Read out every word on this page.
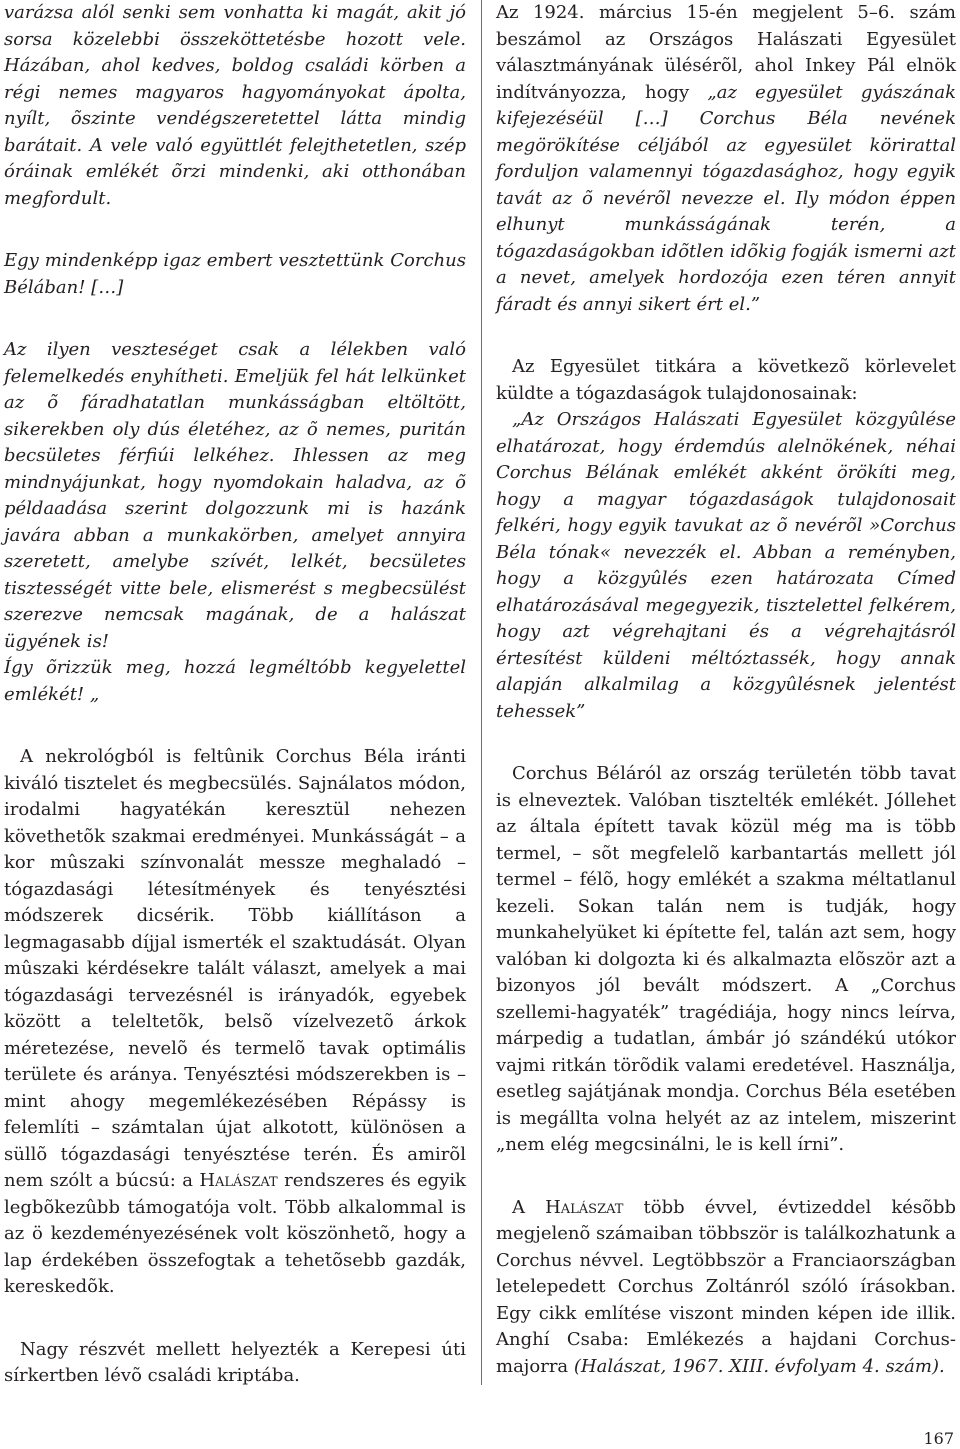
varázsa alól senki sem vonhatta ki magát, akit jó sorsa közelebbi összeköttetésbe hozott vele. Házában, ahol kedves, boldog családi körben a régi nemes magyaros hagyományokat ápolta, nyílt, õszinte vendégszeretettel látta mindig barátait. A vele való együttlét felejthetetlen, szép óráinak emlékét õrzi mindenki, aki otthonában megfordult.

Egy mindenképp igaz embert vesztettünk Corchus Bélában! […]

Az ilyen veszteséget csak a lélekben való felemelkedés enyhítheti. Emeljük fel hát lelkünket az õ fáradhatatlan munkásságban eltöltött, sikerekben oly dús életéhez, az õ nemes, puritán becsületes férfiúi lelkéhez. Ihlessen az meg mindnyájunkat, hogy nyomdokain haladva, az õ példaadása szerint dolgozzunk mi is hazánk javára abban a munkakörben, amelyet annyira szeretett, amelybe szívét, lelkét, becsületes tisztességét vitte bele, elismerést s megbecsülést szerezve nemcsak magának, de a halászat ügyének is!

Így õrizzük meg, hozzá legméltóbb kegyelettel emlékét! „

A nekrológból is feltûnik Corchus Béla iránti kiváló tisztelet és megbecsülés. Sajnálatos módon, irodalmi hagyatékán keresztül nehezen követhetõk szakmai eredményei. Munkásságát – a kor mûszaki színvonalát messze meghaladó – tógazdasági létesítmények és tenyésztési módszerek dicsérik. Több kiállításon a legmagasabb díjjal ismerték el szaktudását. Olyan mûszaki kérdésekre talált választ, amelyek a mai tógazdasági tervezésnél is irányadók, egyebek között a teleltetõk, belsõ vízelvezetõ árkok méretezése, nevelõ és termelõ tavak optimális területe és aránya. Tenyésztési módszerekben is – mint ahogy megemlékezésében Répássy is felemlíti – számtalan újat alkotott, különösen a süllõ tógazdasági tenyésztése terén. És amirõl nem szólt a búcsú: a Halászat rendszeres és egyik legbõkezûbb támogatója volt. Több alkalommal is az ö kezdeményezésének volt köszönhetõ, hogy a lap érdekében összefogtak a tehetõsebb gazdák, kereskedõk.

Nagy részvét mellett helyezték a Kerepesi úti sírkertben lévõ családi kriptába.

Az 1924. március 15-én megjelent 5–6. szám beszámol az Országos Halászati Egyesület választmányának ülésérõl, ahol Inkey Pál elnök indítványozza, hogy „az egyesület gyászának kifejezéséül […] Corchus Béla nevének megörökítése céljából az egyesület körirattal forduljon valamennyi tógazdasághoz, hogy egyik tavát az õ nevérõl nevezze el. Ily módon éppen elhunyt munkásságának terén, a tógazdaságokban idõtlen idõkig fogják ismerni azt a nevet, amelyek hordozója ezen téren annyit fáradt és annyi sikert ért el.”

Az Egyesület titkára a következõ körlevelet küldte a tógazdaságok tulajdonosainak:

„Az Országos Halászati Egyesület közgyûlése elhatározat, hogy érdemdús alelnökének, néhai Corchus Bélának emlékét akként örökíti meg, hogy a magyar tógazdaságok tulajdonosait felkéri, hogy egyik tavukat az õ nevérõl »Corchus Béla tónak« nevezzék el. Abban a reményben, hogy a közgyûlés ezen határozata Címed elhatározásával megegyezik, tisztelettel felkérem, hogy azt végrehajtani és a végrehajtásról értesítést küldeni méltóztassék, hogy annak alapján alkalmilag a közgyûlésnek jelentést tehessek”

Corchus Béláról az ország területén több tavat is elneveztek. Valóban tisztelték emlékét. Jóllehet az általa épített tavak közül még ma is több termel, – sõt megfelelõ karbantartás mellett jól termel – félõ, hogy emlékét a szakma méltatlanul kezeli. Sokan talán nem is tudják, hogy munkahelyüket ki építette fel, talán azt sem, hogy valóban ki dolgozta ki és alkalmazta elõször azt a bizonyos jól bevált módszert. A „Corchus szellemi-hagyaték” tragédiája, hogy nincs leírva, márpedig a tudatlan, ámbár jó szándékú utókor vajmi ritkán törõdik valami eredetével. Használja, esetleg sajátjának mondja. Corchus Béla esetében is megállta volna helyét az az intelem, miszerint „nem elég megcsinálni, le is kell írni”.

A Halászat több évvel, évtizeddel késõbb megjelenõ számaiban többször is találkozhatunk a Corchus névvel. Legtöbbször a Franciaországban letelepedett Corchus Zoltánról szóló írásokban. Egy cikk említése viszont minden képen ide illik. Anghí Csaba: Emlékezés a hajdani Corchus-majorra (Halászat, 1967. XIII. évfolyam 4. szám).

167
